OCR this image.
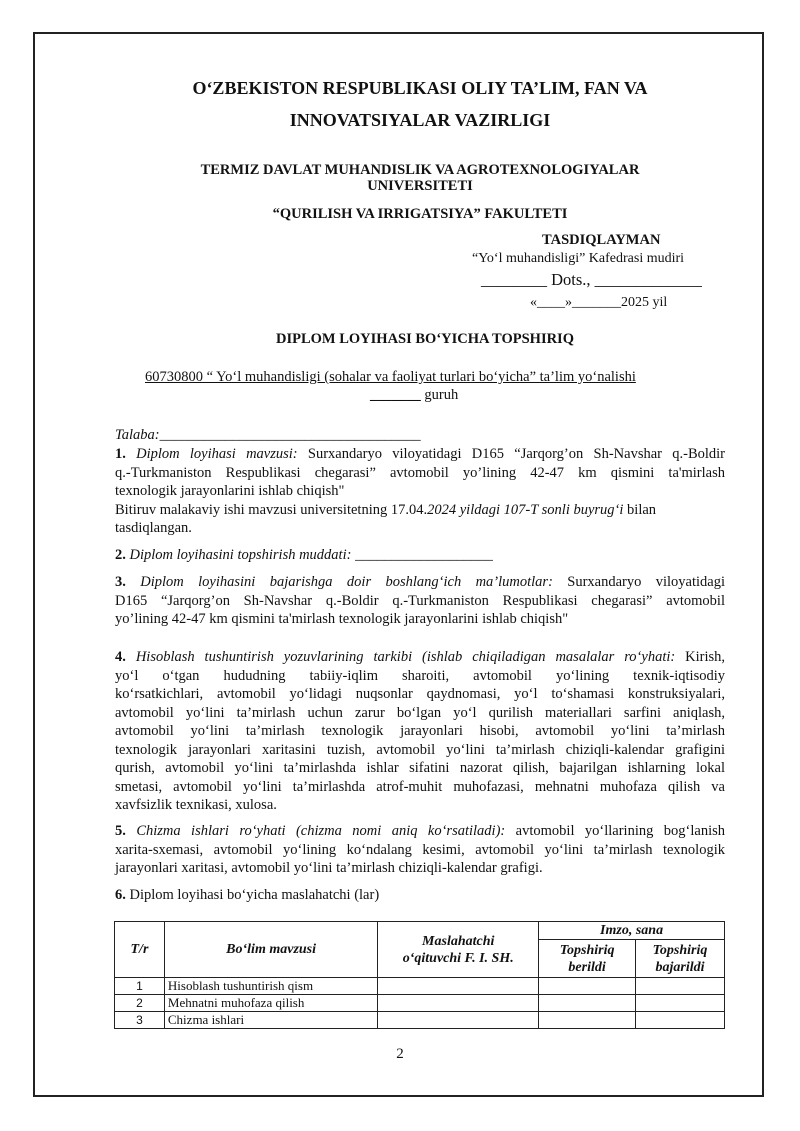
O‘ZBEKISTON RESPUBLIKASI OLIY TA’LIM, FAN VA
INNOVATSIYALAR VAZIRLIGI
TERMIZ DAVLAT MUHANDISLIK VA AGROTEXNOLOGIYALAR
UNIVERSITETI
“QURILISH VA IRRIGATSIYA” FAKULTETI
TASDIQLAYMAN
“Yo‘l muhandisligi” Kafedrasi mudiri
________ Dots., _____________
«____»_______2025 yil
DIPLOM LOYIHASI BO‘YICHA TOPSHIRIQ
60730800 “ Yo‘l muhandisligi (sohalar va faoliyat turlari bo‘yicha” ta’lim yo‘nalishi
_______ guruh
Talaba:____________________________________
1. Diplom loyihasi mavzusi: Surxandaryo viloyatidagi D165 “Jarqorg’on Sh-Navshar q.-Boldir
q.-Turkmaniston Respublikasi chegarasi” avtomobil yo’lining 42-47 km qismini ta'mirlash
texnologik jarayonlarini ishlab chiqish"
Bitiruv malakaviy ishi mavzusi universitetning 17.04.2024 yildagi 107-T sonli buyrug‘i bilan
tasdiqlangan.
2. Diplom loyihasini topshirish muddati: ___________________
3. Diplom loyihasini bajarishga doir boshlang‘ich ma’lumotlar: Surxandaryo viloyatidagi
D165 “Jarqorg’on Sh-Navshar q.-Boldir q.-Turkmaniston Respublikasi chegarasi” avtomobil
yo’lining 42-47 km qismini ta'mirlash texnologik jarayonlarini ishlab chiqish"
4. Hisoblash tushuntirish yozuvlarining tarkibi (ishlab chiqiladigan masalalar ro‘yhati: Kirish,
yo‘l o‘tgan hududning tabiiy-iqlim sharoiti, avtomobil yo‘lining texnik-iqtisodiy
ko‘rsatkichlari, avtomobil yo‘lidagi nuqsonlar qaydnomasi, yo‘l to‘shamasi konstruksiyalari,
avtomobil yo‘lini ta’mirlash uchun zarur bo‘lgan yo‘l qurilish materiallari sarfini aniqlash,
avtomobil yo‘lini ta’mirlash texnologik jarayonlari hisobi, avtomobil yo‘lini ta’mirlash
texnologik jarayonlari xaritasini tuzish, avtomobil yo‘lini ta’mirlash chiziqli-kalendar grafigini
qurish, avtomobil yo‘lini ta’mirlashda ishlar sifatini nazorat qilish, bajarilgan ishlarning lokal
smetasi, avtomobil yo‘lini ta’mirlashda atrof-muhit muhofazasi, mehnatni muhofaza qilish va
xavfsizlik texnikasi, xulosa.
5. Chizma ishlari ro‘yhati (chizma nomi aniq ko‘rsatiladi): avtomobil yo‘llarining bog‘lanish
xarita-sxemasi, avtomobil yo‘lining ko‘ndalang kesimi, avtomobil yo‘lini ta’mirlash texnologik
jarayonlari xaritasi, avtomobil yo‘lini ta’mirlash chiziqli-kalendar grafigi.
6. Diplom loyihasi bo‘yicha maslahatchi (lar)
T/r	Bo‘lim mavzusi	Maslahatchi o‘qituvchi F. I. SH.	Imzo, sana	
			Topshiriq berildi	Topshiriq bajarildi
1	Hisoblash tushuntirish qism			
2	Mehnatni muhofaza qilish			
3	Chizma ishlari			
2
